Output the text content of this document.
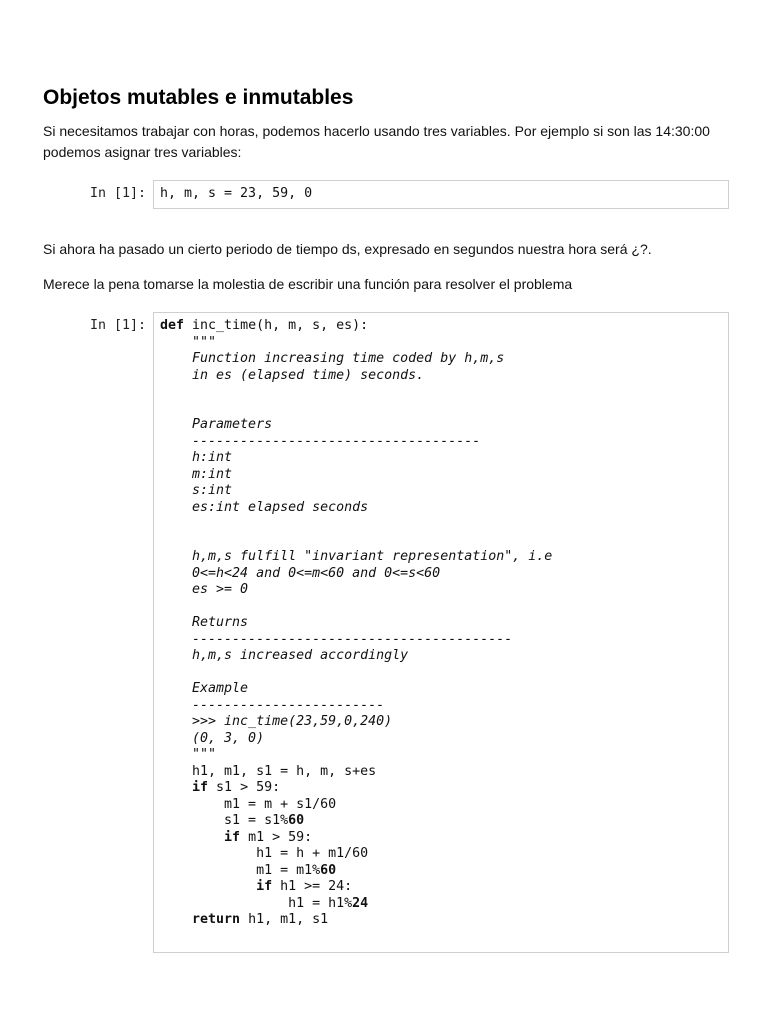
Objetos mutables e inmutables

Si necesitamos trabajar con horas, podemos hacerlo usando tres variables. Por ejemplo si son las 14:30:00 podemos asignar tres variables:

In [1]: h, m, s = 23, 59, 0

Si ahora ha pasado un cierto periodo de tiempo ds, expresado en segundos nuestra hora será ¿?.

Merece la pena tomarse la molestia de escribir una función para resolver el problema

In [1]: def inc_time(h, m, s, es):
"""
Function increasing time coded by h,m,s
in es (elapsed time) seconds.

Parameters
------------------------------------
h:int
m:int
s:int
es:int elapsed seconds

h,m,s fulfill "invariant representation", i.e
0<=h<24 and 0<=m<60 and 0<=s<60
es >= 0

Returns
----------------------------------------
h,m,s increased accordingly

Example
------------------------
>>> inc_time(23,59,0,240)
(0, 3, 0)
"""
h1, m1, s1 = h, m, s+es
if s1 > 59:
m1 = m + s1/60
s1 = s1%60
if m1 > 59:
h1 = h + m1/60
m1 = m1%60
if h1 >= 24:
h1 = h1%24
return h1, m1, s1
